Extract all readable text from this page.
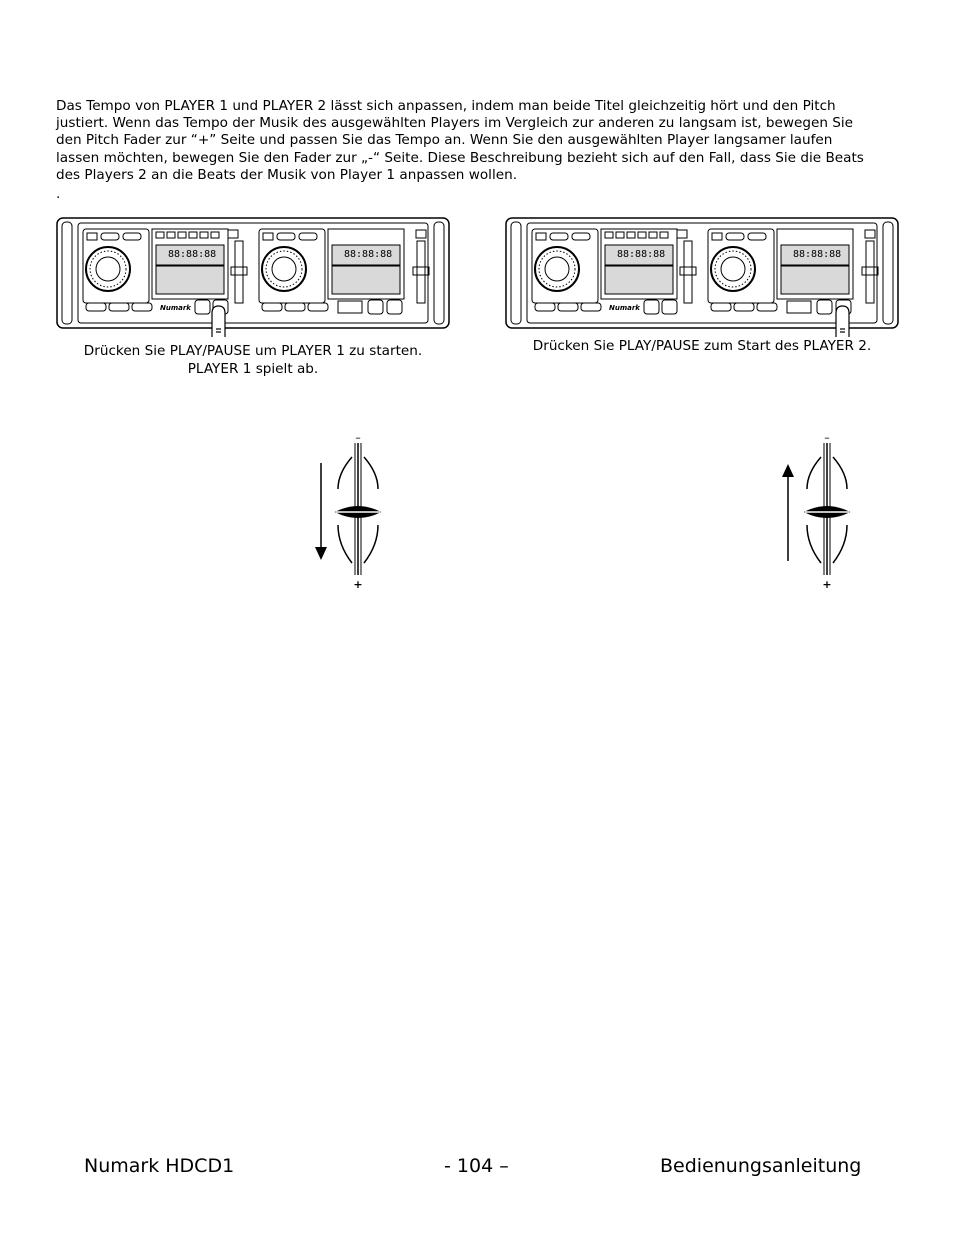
Das Tempo von PLAYER 1 und PLAYER 2 lässt sich anpassen, indem man beide Titel gleichzeitig hört und den Pitch

justiert. Wenn das Tempo der Musik des ausgewählten Players im Vergleich zur anderen zu langsam ist, bewegen Sie

den Pitch Fader zur “+” Seite und passen Sie das Tempo an. Wenn Sie den ausgewählten Player langsamer laufen

lassen möchten, bewegen Sie den Fader zur „-“ Seite. Diese Beschreibung bezieht sich auf den Fall, dass Sie die Beats

des Players 2 an die Beats der Musik von Player 1 anpassen wollen.

.
88:88:88
Numark
88:88:88	88:88:88
Numark
88:88:88
Drücken Sie PLAY/PAUSE um PLAYER 1 zu starten.
PLAYER 1 spielt ab.
Drücken Sie PLAY/PAUSE zum Start des PLAYER 2.
–
+
–
+
Numark HDCD1	- 104 –	Bedienungsanleitung
